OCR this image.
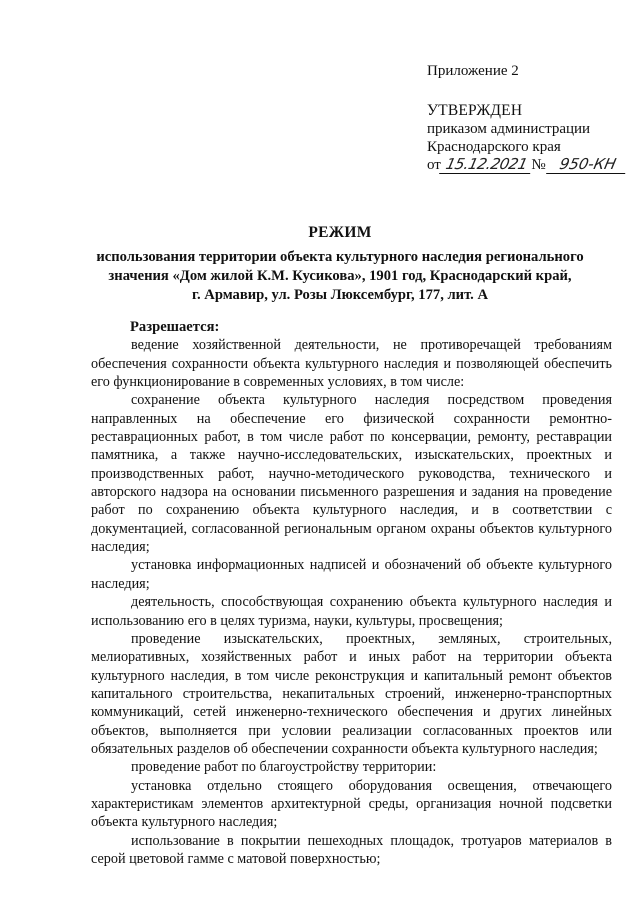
Приложение 2
УТВЕРЖДЕН
приказом администрации
Краснодарского края
от 15.12.2021 № 950-КН
РЕЖИМ
использования территории объекта культурного наследия регионального
значения «Дом жилой К.М. Кусикова», 1901 год, Краснодарский край,
г. Армавир, ул. Розы Люксембург, 177, лит. А
Разрешается:

ведение хозяйственной деятельности, не противоречащей требованиям обеспечения сохранности объекта культурного наследия и позволяющей обеспечить его функционирование в современных условиях, в том числе:

сохранение объекта культурного наследия посредством проведения направленных на обеспечение его физической сохранности ремонтно-реставрационных работ, в том числе работ по консервации, ремонту, реставрации памятника, а также научно-исследовательских, изыскательских, проектных и производственных работ, научно-методического руководства, технического и авторского надзора на основании письменного разрешения и задания на проведение работ по сохранению объекта культурного наследия, и в соответствии с документацией, согласованной региональным органом охраны объектов культурного наследия;

установка информационных надписей и обозначений об объекте культурного наследия;

деятельность, способствующая сохранению объекта культурного наследия и использованию его в целях туризма, науки, культуры, просвещения;

проведение изыскательских, проектных, земляных, строительных, мелиоративных, хозяйственных работ и иных работ на территории объекта культурного наследия, в том числе реконструкция и капитальный ремонт объектов капитального строительства, некапитальных строений, инженерно-транспортных коммуникаций, сетей инженерно-технического обеспечения и других линейных объектов, выполняется при условии реализации согласованных проектов или обязательных разделов об обеспечении сохранности объекта культурного наследия;

проведение работ по благоустройству территории:

установка отдельно стоящего оборудования освещения, отвечающего характеристикам элементов архитектурной среды, организация ночной подсветки объекта культурного наследия;

использование в покрытии пешеходных площадок, тротуаров материалов в серой цветовой гамме с матовой поверхностью;
